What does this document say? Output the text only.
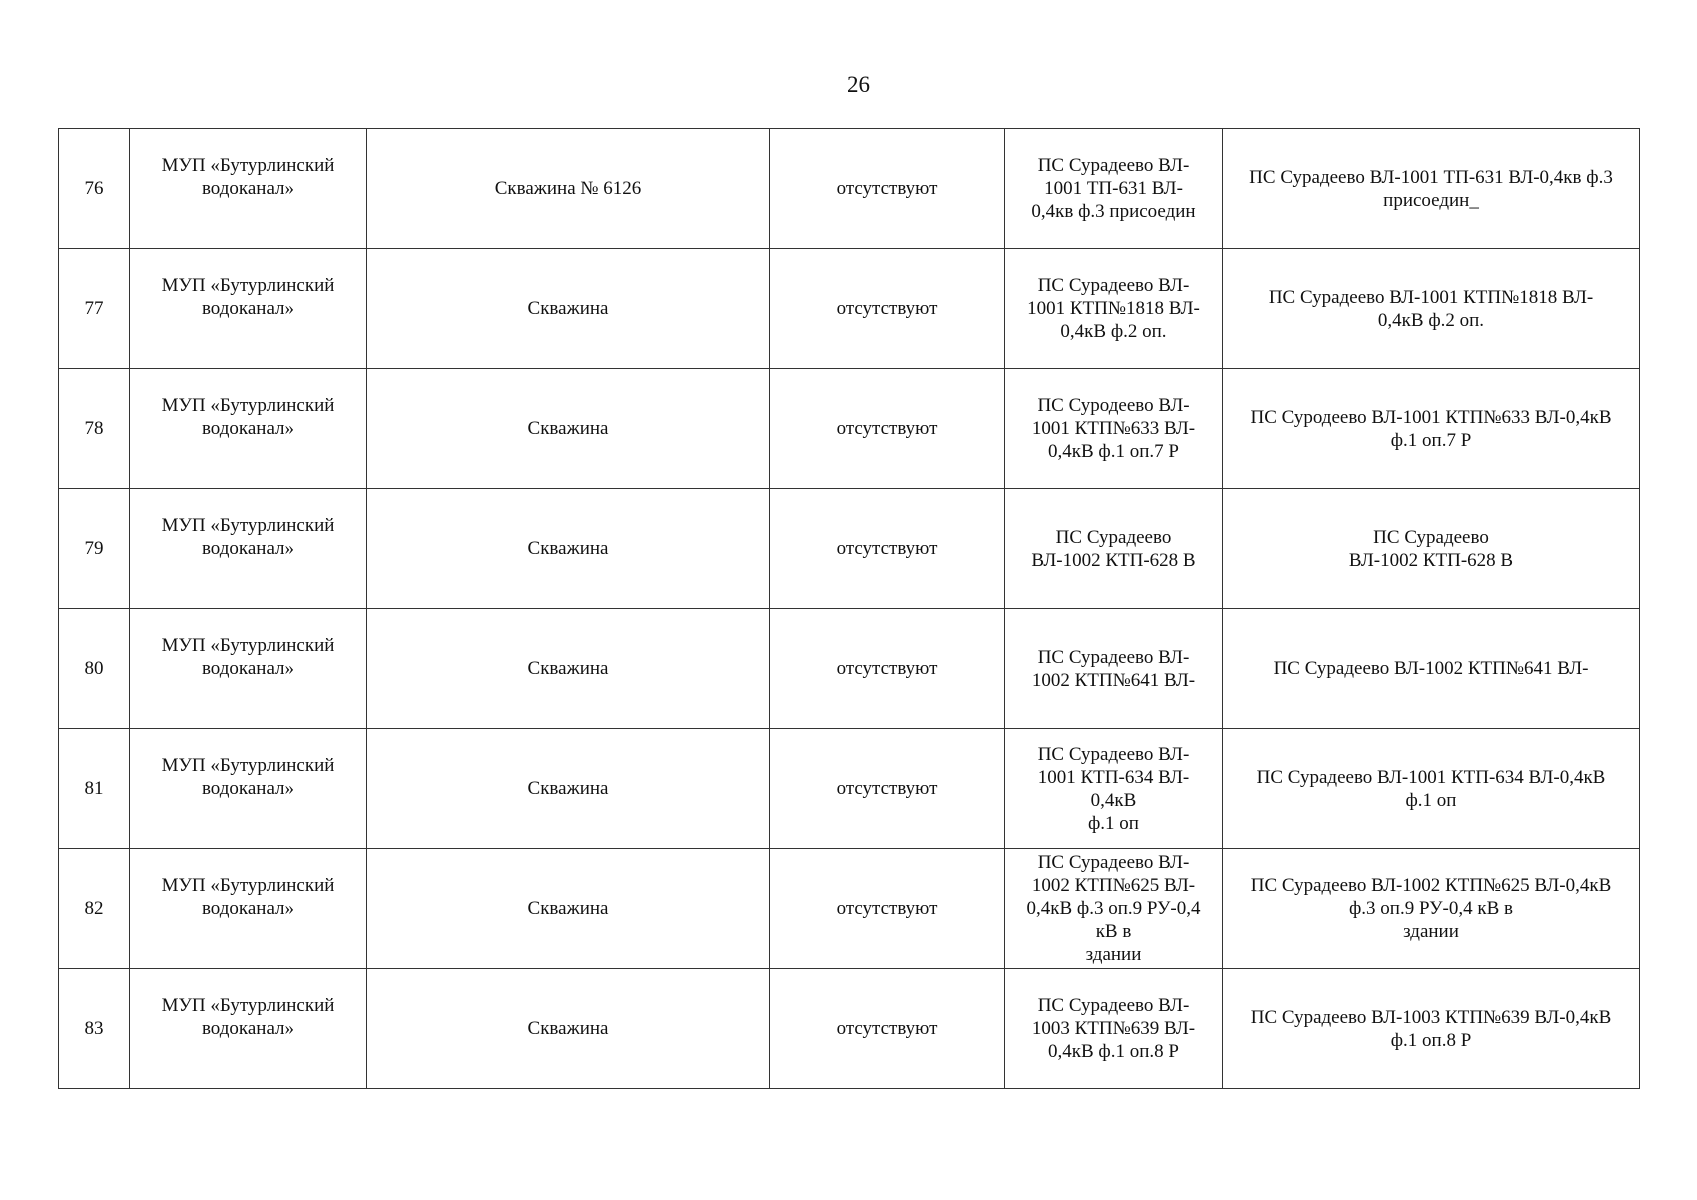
26
76	МУП «Бутурлинский водоканал»	Скважина № 6126	отсутствуют	ПС Сурадеево ВЛ-
1001 ТП-631 ВЛ-
0,4кв ф.3 присоедин	ПС Сурадеево ВЛ-1001 ТП-631 ВЛ-0,4кв ф.3
присоедин_
77	МУП «Бутурлинский водоканал»	Скважина	отсутствуют	ПС Сурадеево ВЛ-
1001 КТП№1818 ВЛ-
0,4кВ ф.2 оп.	ПС Сурадеево ВЛ-1001 КТП№1818 ВЛ-
0,4кВ ф.2 оп.
78	МУП «Бутурлинский водоканал»	Скважина	отсутствуют	ПС Суродеево ВЛ-
1001 КТП№633 ВЛ-
0,4кВ ф.1 оп.7 Р	ПС Суродеево ВЛ-1001 КТП№633 ВЛ-0,4кВ
ф.1 оп.7 Р
79	МУП «Бутурлинский водоканал»	Скважина	отсутствуют	ПС Сурадеево
ВЛ-1002 КТП-628 В	ПС Сурадеево
ВЛ-1002 КТП-628 В
80	МУП «Бутурлинский водоканал»	Скважина	отсутствуют	ПС Сурадеево ВЛ-
1002 КТП№641 ВЛ-	ПС Сурадеево ВЛ-1002 КТП№641 ВЛ-
81	МУП «Бутурлинский водоканал»	Скважина	отсутствуют	ПС Сурадеево ВЛ-
1001 КТП-634 ВЛ-
0,4кВ
ф.1 оп	ПС Сурадеево ВЛ-1001 КТП-634 ВЛ-0,4кВ
ф.1 оп
82	МУП «Бутурлинский водоканал»	Скважина	отсутствуют	ПС Сурадеево ВЛ-
1002 КТП№625 ВЛ-
0,4кВ ф.3 оп.9 РУ-0,4
кВ в
здании	ПС Сурадеево ВЛ-1002 КТП№625 ВЛ-0,4кВ
ф.3 оп.9 РУ-0,4 кВ в
здании
83	МУП «Бутурлинский водоканал»	Скважина	отсутствуют	ПС Сурадеево ВЛ-
1003 КТП№639 ВЛ-
0,4кВ ф.1 оп.8 Р	ПС Сурадеево ВЛ-1003 КТП№639 ВЛ-0,4кВ
ф.1 оп.8 Р
